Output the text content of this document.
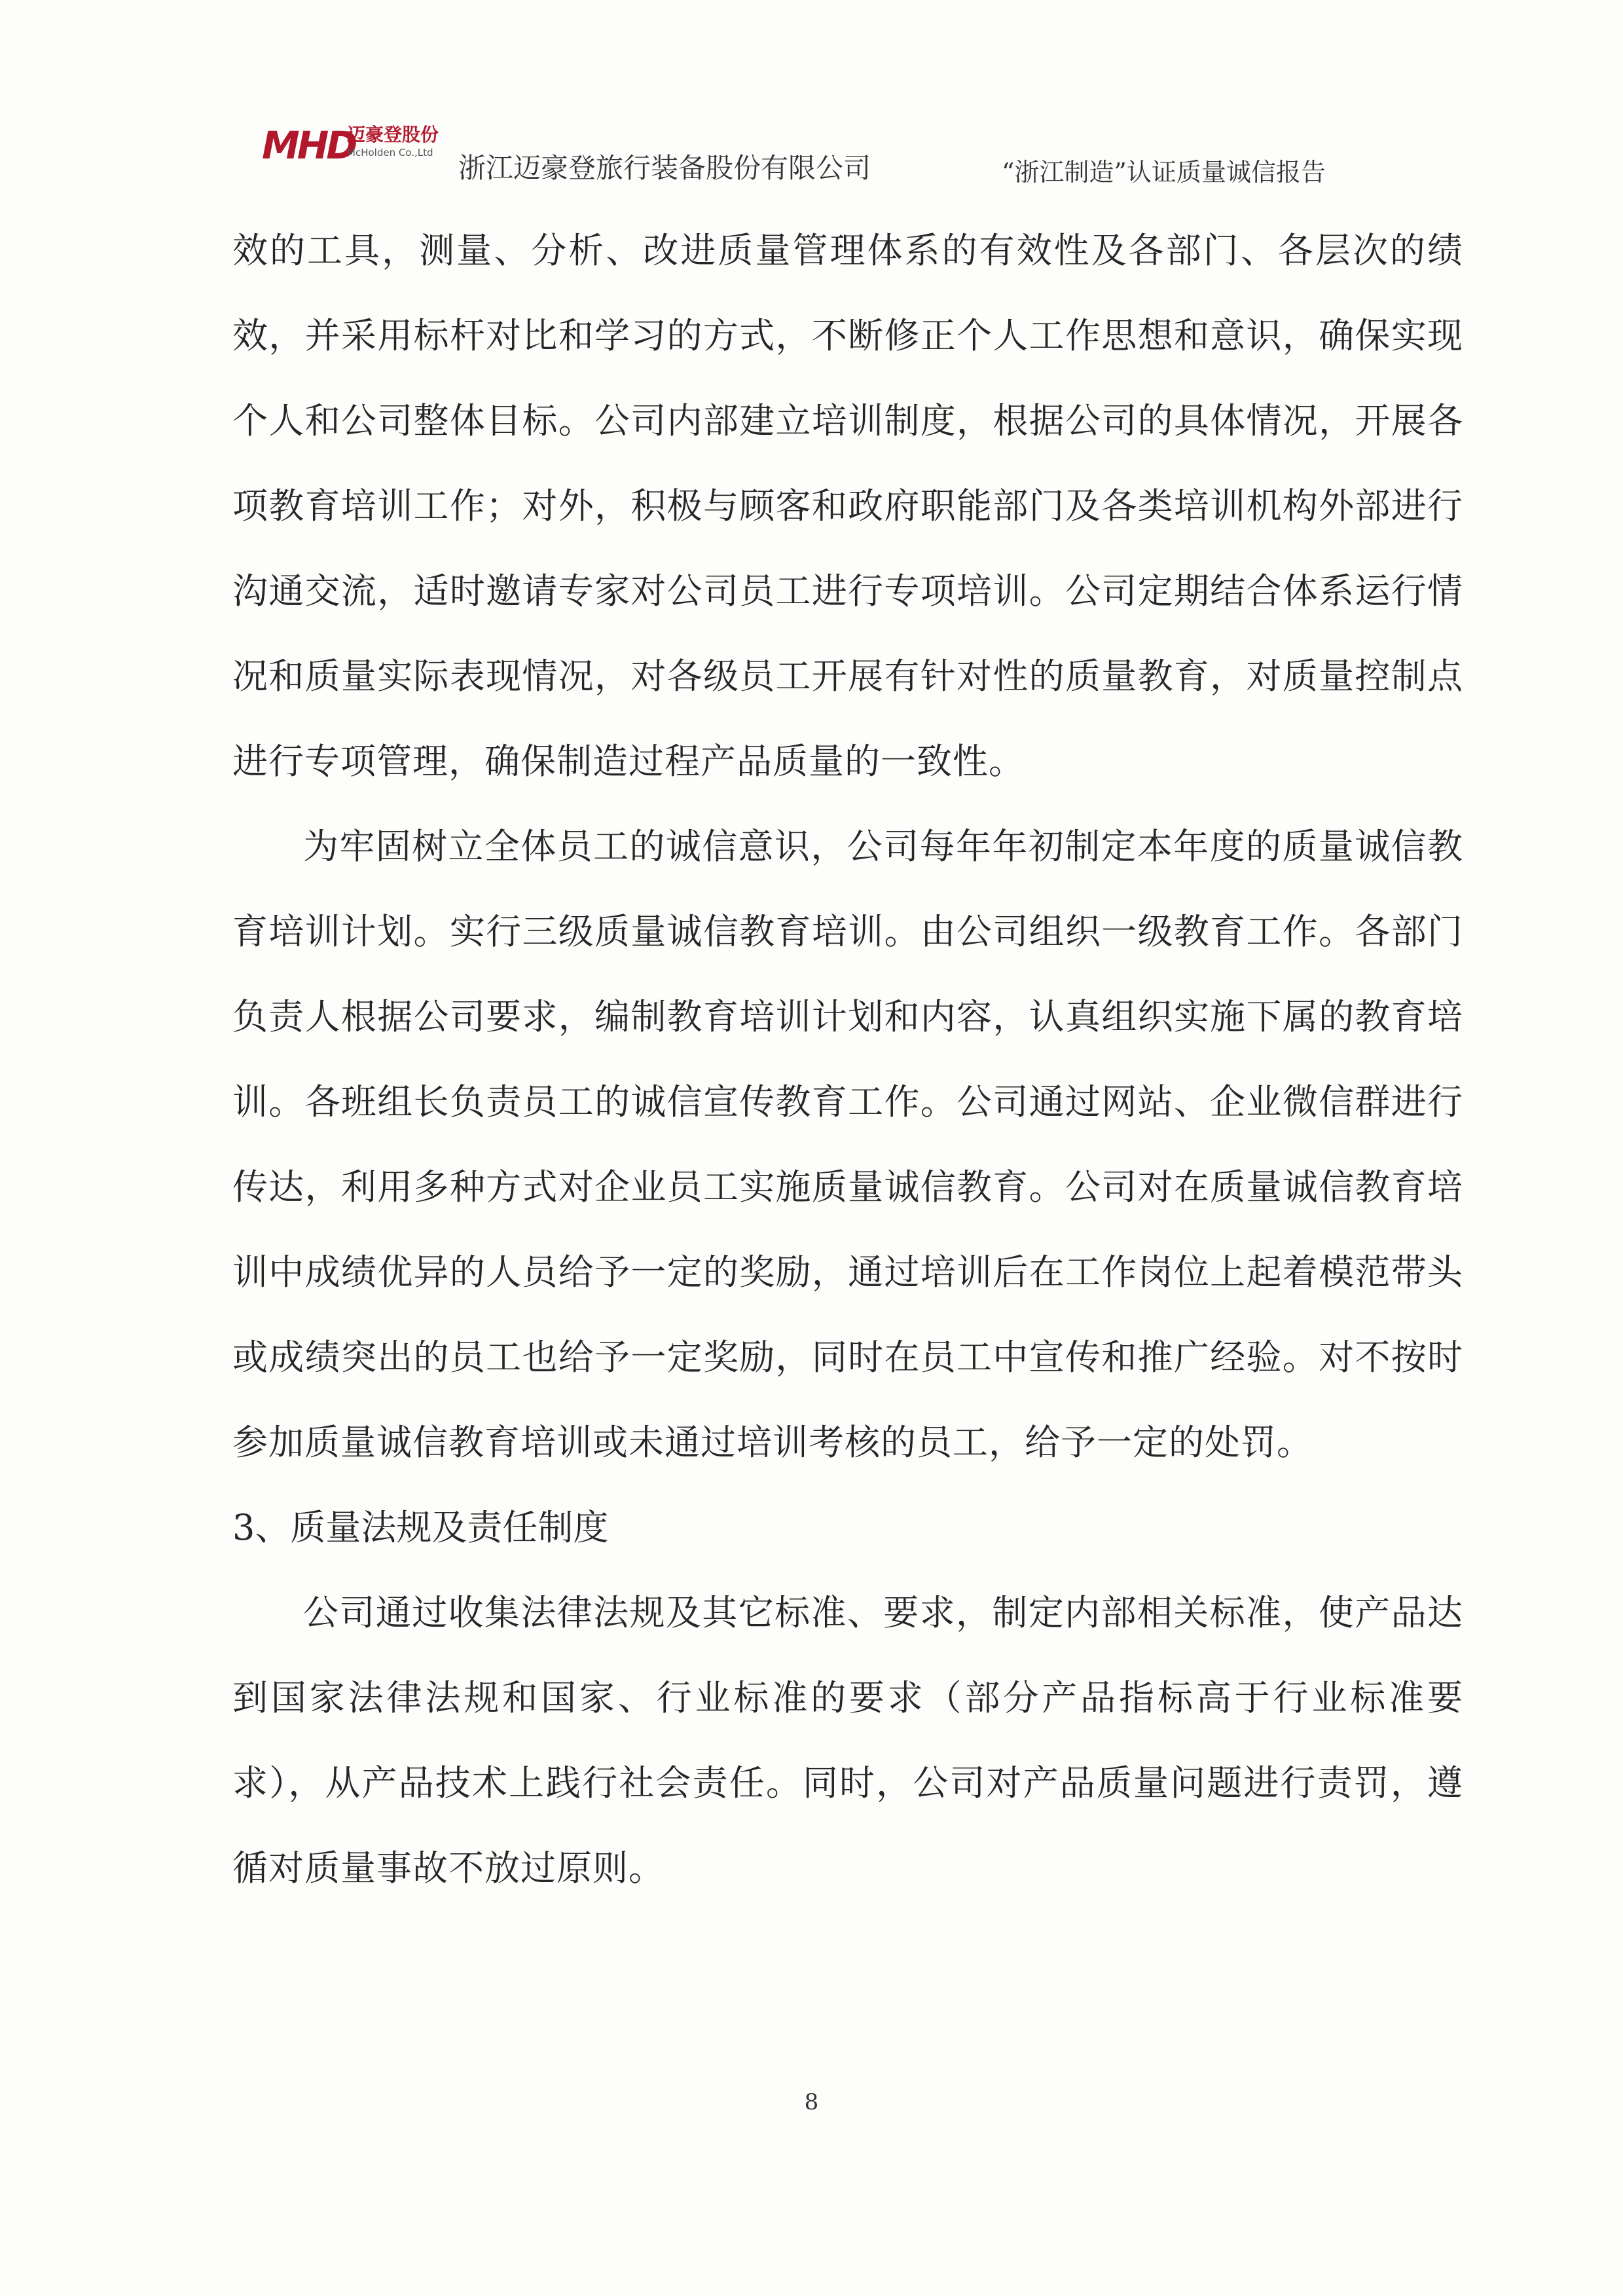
MHD
迈豪登股份
McHolden Co.,Ltd 浙江迈豪登旅行装备股份有限公司	“浙江制造”认证质量诚信报告

效的工具，测量、分析、改进质量管理体系的有效性及各部门、各层次的绩效，并采用标杆对比和学习的方式，不断修正个人工作思想和意识，确保实现个人和公司整体目标。公司内部建立培训制度，根据公司的具体情况，开展各项教育培训工作；对外，积极与顾客和政府职能部门及各类培训机构外部进行沟通交流，适时邀请专家对公司员工进行专项培训。公司定期结合体系运行情况和质量实际表现情况，对各级员工开展有针对性的质量教育，对质量控制点进行专项管理，确保制造过程产品质量的一致性。

为牢固树立全体员工的诚信意识，公司每年年初制定本年度的质量诚信教育培训计划。实行三级质量诚信教育培训。由公司组织一级教育工作。各部门负责人根据公司要求，编制教育培训计划和内容，认真组织实施下属的教育培训。各班组长负责员工的诚信宣传教育工作。公司通过网站、企业微信群进行传达，利用多种方式对企业员工实施质量诚信教育。公司对在质量诚信教育培训中成绩优异的人员给予一定的奖励，通过培训后在工作岗位上起着模范带头或成绩突出的员工也给予一定奖励，同时在员工中宣传和推广经验。对不按时参加质量诚信教育培训或未通过培训考核的员工，给予一定的处罚。

3、质量法规及责任制度

公司通过收集法律法规及其它标准、要求，制定内部相关标准，使产品达到国家法律法规和国家、行业标准的要求（部分产品指标高于行业标准要求），从产品技术上践行社会责任。同时，公司对产品质量问题进行责罚，遵循对质量事故不放过原则。

8
